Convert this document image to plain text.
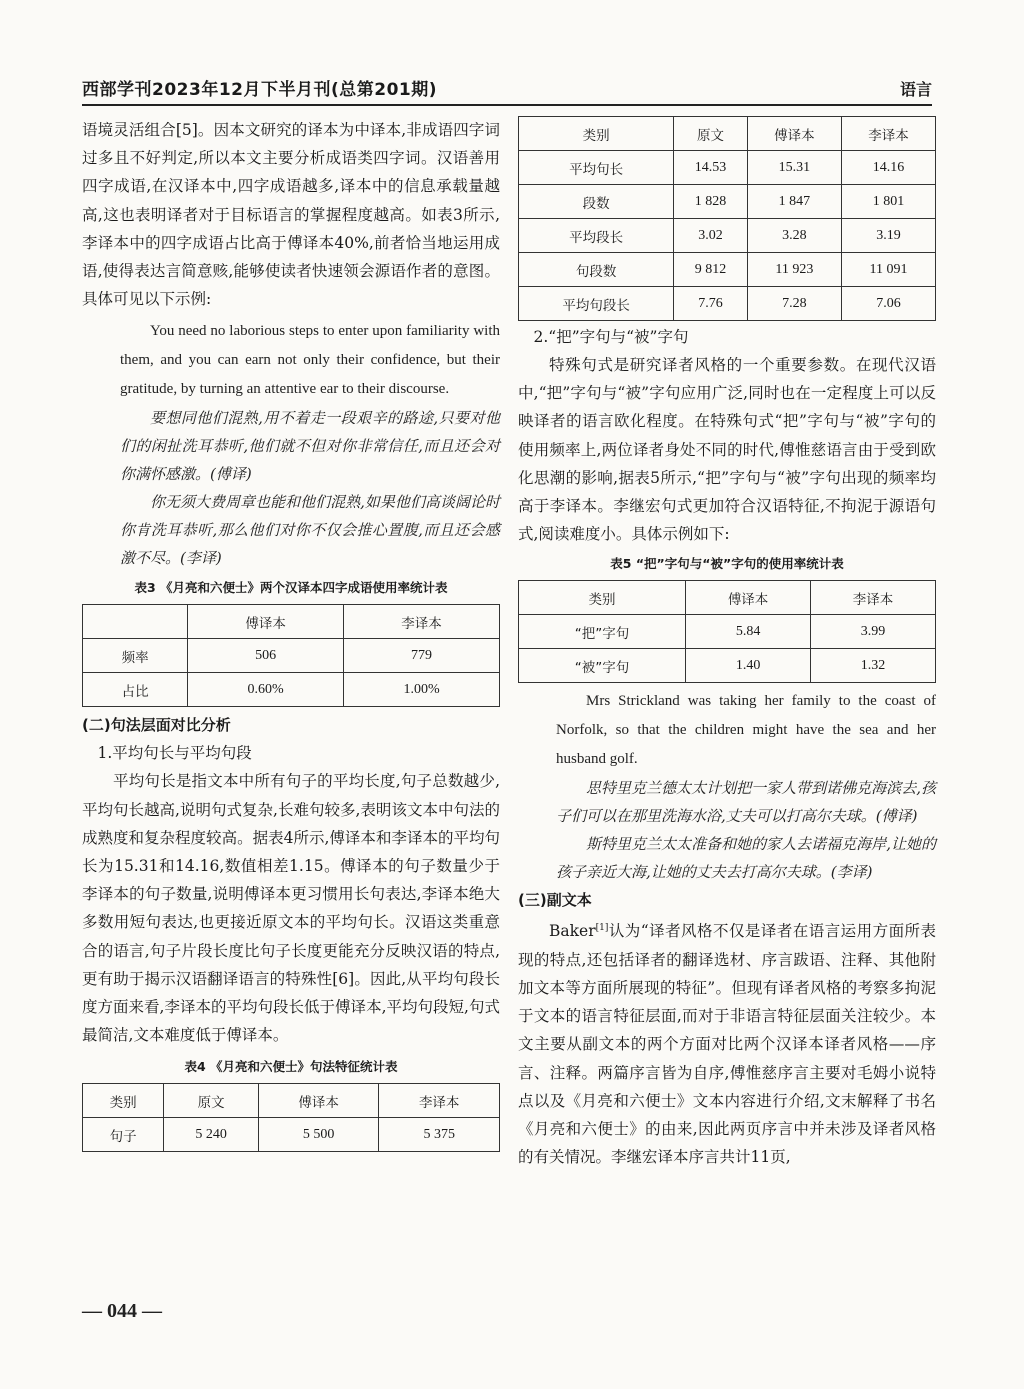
西部学刊2023年12月下半月刊(总第201期)	语言

语境灵活组合[5]。因本文研究的译本为中译本,非成语四字词过多且不好判定,所以本文主要分析成语类四字词。汉语善用四字成语,在汉译本中,四字成语越多,译本中的信息承载量越高,这也表明译者对于目标语言的掌握程度越高。如表3所示,李译本中的四字成语占比高于傅译本40%,前者恰当地运用成语,使得表达言简意赅,能够使读者快速领会源语作者的意图。具体可见以下示例:

You need no laborious steps to enter upon familiarity with them, and you can earn not only their confidence, but their gratitude, by turning an attentive ear to their discourse.

要想同他们混熟,用不着走一段艰辛的路途,只要对他们的闲扯洗耳恭听,他们就不但对你非常信任,而且还会对你满怀感激。(傅译)

你无须大费周章也能和他们混熟,如果他们高谈阔论时你肯洗耳恭听,那么他们对你不仅会推心置腹,而且还会感激不尽。(李译)

表3 《月亮和六便士》两个汉译本四字成语使用率统计表
	傅译本	李译本
频率	506	779
占比	0.60%	1.00%

(二)句法层面对比分析

1.平均句长与平均句段

平均句长是指文本中所有句子的平均长度,句子总数越少,平均句长越高,说明句式复杂,长难句较多,表明该文本中句法的成熟度和复杂程度较高。据表4所示,傅译本和李译本的平均句长为15.31和14.16,数值相差1.15。傅译本的句子数量少于李译本的句子数量,说明傅译本更习惯用长句表达,李译本绝大多数用短句表达,也更接近原文本的平均句长。汉语这类重意合的语言,句子片段长度比句子长度更能充分反映汉语的特点,更有助于揭示汉语翻译语言的特殊性[6]。因此,从平均句段长度方面来看,李译本的平均句段长低于傅译本,平均句段短,句式最简洁,文本难度低于傅译本。

表4 《月亮和六便士》句法特征统计表
类别	原文	傅译本	李译本
句子	5 240	5 500	5 375
类别	原文	傅译本	李译本
平均句长	14.53	15.31	14.16
段数	1 828	1 847	1 801
平均段长	3.02	3.28	3.19
句段数	9 812	11 923	11 091
平均句段长	7.76	7.28	7.06

2.“把”字句与“被”字句

特殊句式是研究译者风格的一个重要参数。在现代汉语中,“把”字句与“被”字句应用广泛,同时也在一定程度上可以反映译者的语言欧化程度。在特殊句式“把”字句与“被”字句的使用频率上,两位译者身处不同的时代,傅惟慈语言由于受到欧化思潮的影响,据表5所示,“把”字句与“被”字句出现的频率均高于李译本。李继宏句式更加符合汉语特征,不拘泥于源语句式,阅读难度小。具体示例如下:

表5 “把”字句与“被”字句的使用率统计表
类别	傅译本	李译本
“把”字句	5.84	3.99
“被”字句	1.40	1.32

Mrs Strickland was taking her family to the coast of Norfolk, so that the children might have the sea and her husband golf.

思特里克兰德太太计划把一家人带到诺佛克海滨去,孩子们可以在那里洗海水浴,丈夫可以打高尔夫球。(傅译)

斯特里克兰太太准备和她的家人去诺福克海岸,让她的孩子亲近大海,让她的丈夫去打高尔夫球。(李译)

(三)副文本

Baker[1]认为“译者风格不仅是译者在语言运用方面所表现的特点,还包括译者的翻译选材、序言跋语、注释、其他附加文本等方面所展现的特征”。但现有译者风格的考察多拘泥于文本的语言特征层面,而对于非语言特征层面关注较少。本文主要从副文本的两个方面对比两个汉译本译者风格——序言、注释。两篇序言皆为自序,傅惟慈序言主要对毛姆小说特点以及《月亮和六便士》文本内容进行介绍,文末解释了书名《月亮和六便士》的由来,因此两页序言中并未涉及译者风格的有关情况。李继宏译本序言共计11页,

— 044 —
